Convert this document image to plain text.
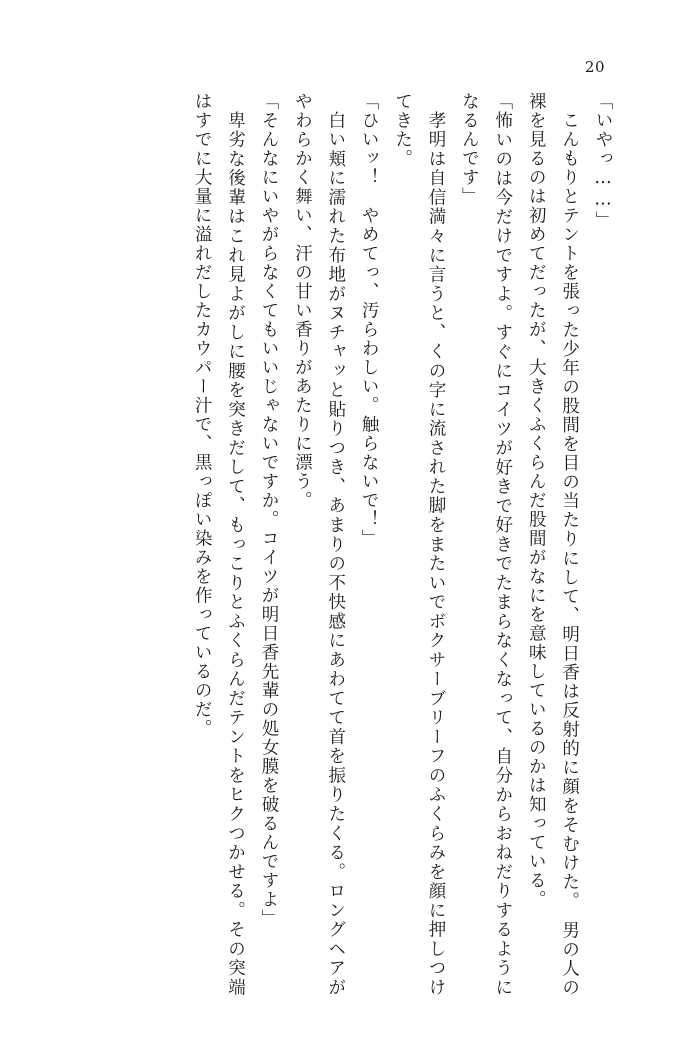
20

「いやっ……」

こんもりとテントを張った少年の股間を目の当たりにして、明日香は反射的に顔をそむけた。　男の人の裸を見るのは初めてだったが、大きくふくらんだ股間がなにを意味しているのかは知っている。

「怖いのは今だけですよ。すぐにコイツが好きで好きでたまらなくなって、自分からおねだりするようになるんです」

孝明は自信満々に言うと、くの字に流された脚をまたいでボクサーブリーフのふくらみを顔に押しつけてきた。

「ひいッ！　やめてっ、汚らわしい。触らないで！」

白い頬に濡れた布地がヌチャッと貼りつき、あまりの不快感にあわてて首を振りたくる。ロングヘアがやわらかく舞い、汗の甘い香りがあたりに漂う。

「そんなにいやがらなくてもいいじゃないですか。コイツが明日香先輩の処女膜を破るんですよ」

卑劣な後輩はこれ見よがしに腰を突きだして、もっこりとふくらんだテントをヒクつかせる。その突端はすでに大量に溢れだしたカウパー汁で、黒っぽい染みを作っているのだ。
